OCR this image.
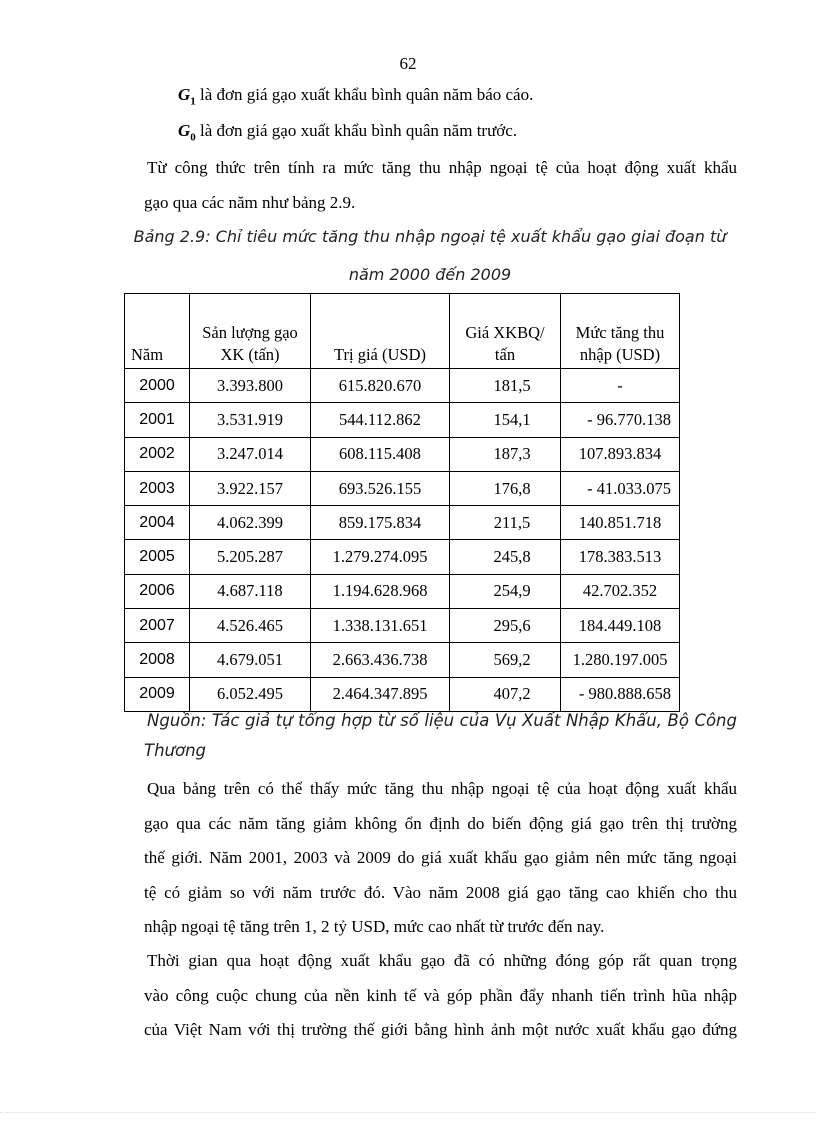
62
$G_1$ là đơn giá gạo xuất khẩu bình quân năm báo cáo.
$G_0$ là đơn giá gạo xuất khẩu bình quân năm trước.
Từ công thức trên tính ra mức tăng thu nhập ngoại tệ của hoạt động xuất khẩu
gạo qua các năm như bảng 2.9.
Bảng 2.9: Chỉ tiêu mức tăng thu nhập ngoại tệ xuất khẩu gạo giai đoạn từ
năm 2000 đến 2009
Năm	Sản lượng gạo XK (tấn)	Trị giá (USD)	Giá XKBQ/ tấn	Mức tăng thu nhập (USD)
2000	3.393.800	615.820.670	181,5	-
2001	3.531.919	544.112.862	154,1	- 96.770.138
2002	3.247.014	608.115.408	187,3	107.893.834
2003	3.922.157	693.526.155	176,8	- 41.033.075
2004	4.062.399	859.175.834	211,5	140.851.718
2005	5.205.287	1.279.274.095	245,8	178.383.513
2006	4.687.118	1.194.628.968	254,9	42.702.352
2007	4.526.465	1.338.131.651	295,6	184.449.108
2008	4.679.051	2.663.436.738	569,2	1.280.197.005
2009	6.052.495	2.464.347.895	407,2	- 980.888.658
Nguồn: Tác giả tự tổng hợp từ số liệu của Vụ Xuất Nhập Khẩu, Bộ Công
Thương
Qua bảng trên có thể thấy mức tăng thu nhập ngoại tệ của hoạt động xuất khẩu
gạo qua các năm tăng giảm không ổn định do biến động giá gạo trên thị trường
thế giới. Năm 2001, 2003 và 2009 do giá xuất khẩu gạo giảm nên mức tăng ngoại
tệ có giảm so với năm trước đó. Vào năm 2008 giá gạo tăng cao khiến cho thu
nhập ngoại tệ tăng trên 1, 2 tỷ USD, mức cao nhất từ trước đến nay.
Thời gian qua hoạt động xuất khẩu gạo đã có những đóng góp rất quan trọng
vào công cuộc chung của nền kinh tế và góp phần đẩy nhanh tiến trình hũa nhập
của Việt Nam với thị trường thế giới bằng hình ảnh một nước xuất khẩu gạo đứng
